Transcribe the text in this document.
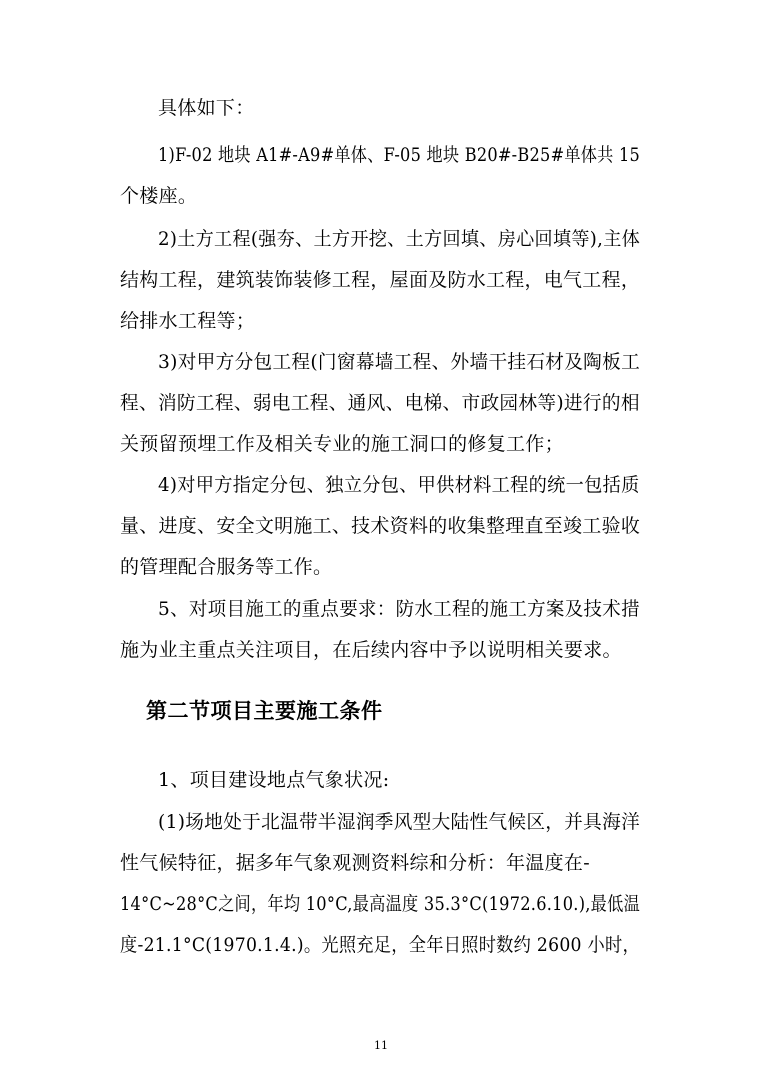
具体如下：
1)F-02 地块 A1#-A9#单体、F-05 地块 B20#-B25#单体共 15
个楼座。
2)土方工程(强夯、土方开挖、土方回填、房心回填等),主体
结构工程，建筑装饰装修工程，屋面及防水工程，电气工程，
给排水工程等；
3)对甲方分包工程(门窗幕墙工程、外墙干挂石材及陶板工
程、消防工程、弱电工程、通风、电梯、市政园林等)进行的相
关预留预埋工作及相关专业的施工洞口的修复工作；
4)对甲方指定分包、独立分包、甲供材料工程的统一包括质
量、进度、安全文明施工、技术资料的收集整理直至竣工验收
的管理配合服务等工作。
5、对项目施工的重点要求：防水工程的施工方案及技术措
施为业主重点关注项目，在后续内容中予以说明相关要求。
第二节项目主要施工条件
1、项目建设地点气象状况:
(1)场地处于北温带半湿润季风型大陆性气候区，并具海洋
性气候特征，据多年气象观测资料综和分析：年温度在-
14°C~28°C之间，年均 10°C,最高温度 35.3°C(1972.6.10.),最低温
度-21.1°C(1970.1.4.)。光照充足，全年日照时数约 2600 小时，
11
